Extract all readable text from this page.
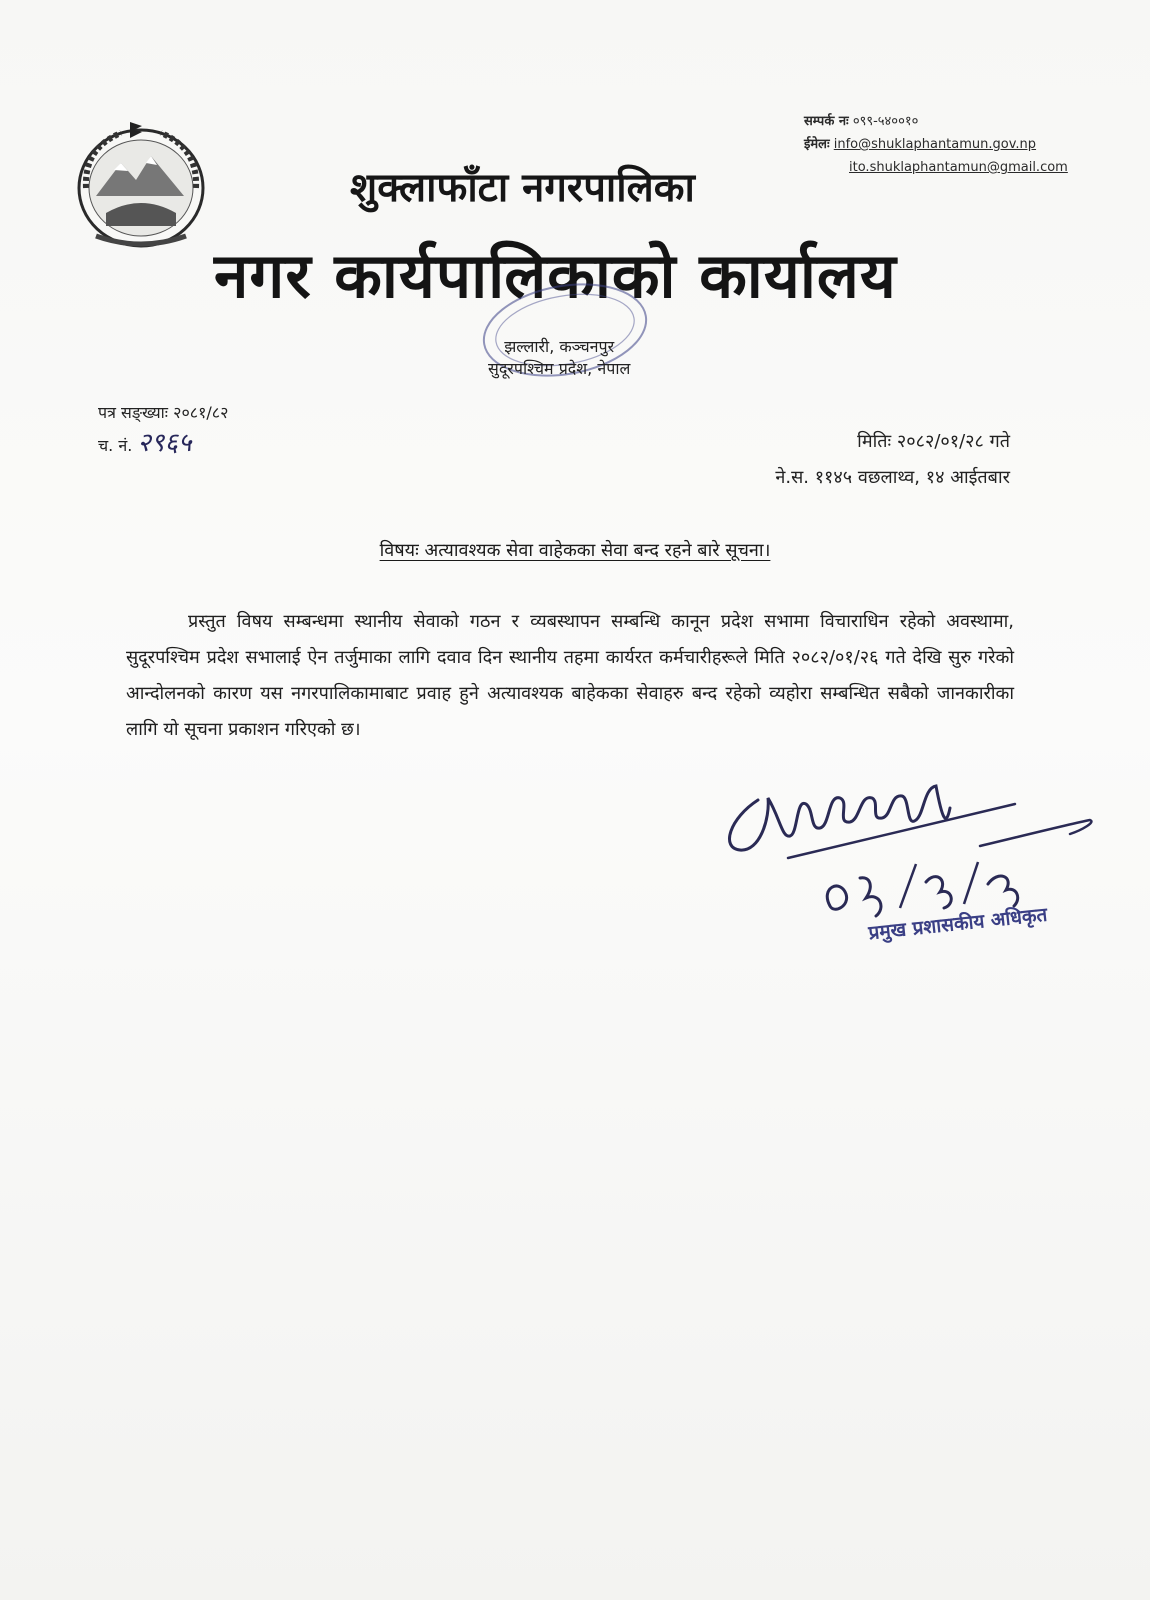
सम्पर्क नः ०९९-५४००१०
ईमेलः info@shuklaphantamun.gov.np
ito.shuklaphantamun@gmail.com
शुक्लाफाँटा नगरपालिका
नगर कार्यपालिकाको कार्यालय
झल्लारी, कञ्चनपुर
सुदूरपश्चिम प्रदेश, नेपाल
पत्र सङ्ख्याः २०८१/८२
च. नं. २९६५	मितिः २०८२/०१/२८ गते
ने.स. ११४५ वछलाथ्व, १४ आईतबार
विषयः अत्यावश्यक सेवा वाहेकका सेवा बन्द रहने बारे सूचना।

प्रस्तुत विषय सम्बन्धमा स्थानीय सेवाको गठन र व्यबस्थापन सम्बन्धि कानून प्रदेश सभामा विचाराधिन रहेको अवस्थामा, सुदूरपश्चिम प्रदेश सभालाई ऐन तर्जुमाका लागि दवाव दिन स्थानीय तहमा कार्यरत कर्मचारीहरूले मिति २०८२/०१/२६ गते देखि सुरु गरेको आन्दोलनको कारण यस नगरपालिकामाबाट प्रवाह हुने अत्यावश्यक बाहेकका सेवाहरु बन्द रहेको व्यहोरा सम्बन्धित सबैको जानकारीका लागि यो सूचना प्रकाशन गरिएको छ।

प्रमुख प्रशासकीय अधिकृत
